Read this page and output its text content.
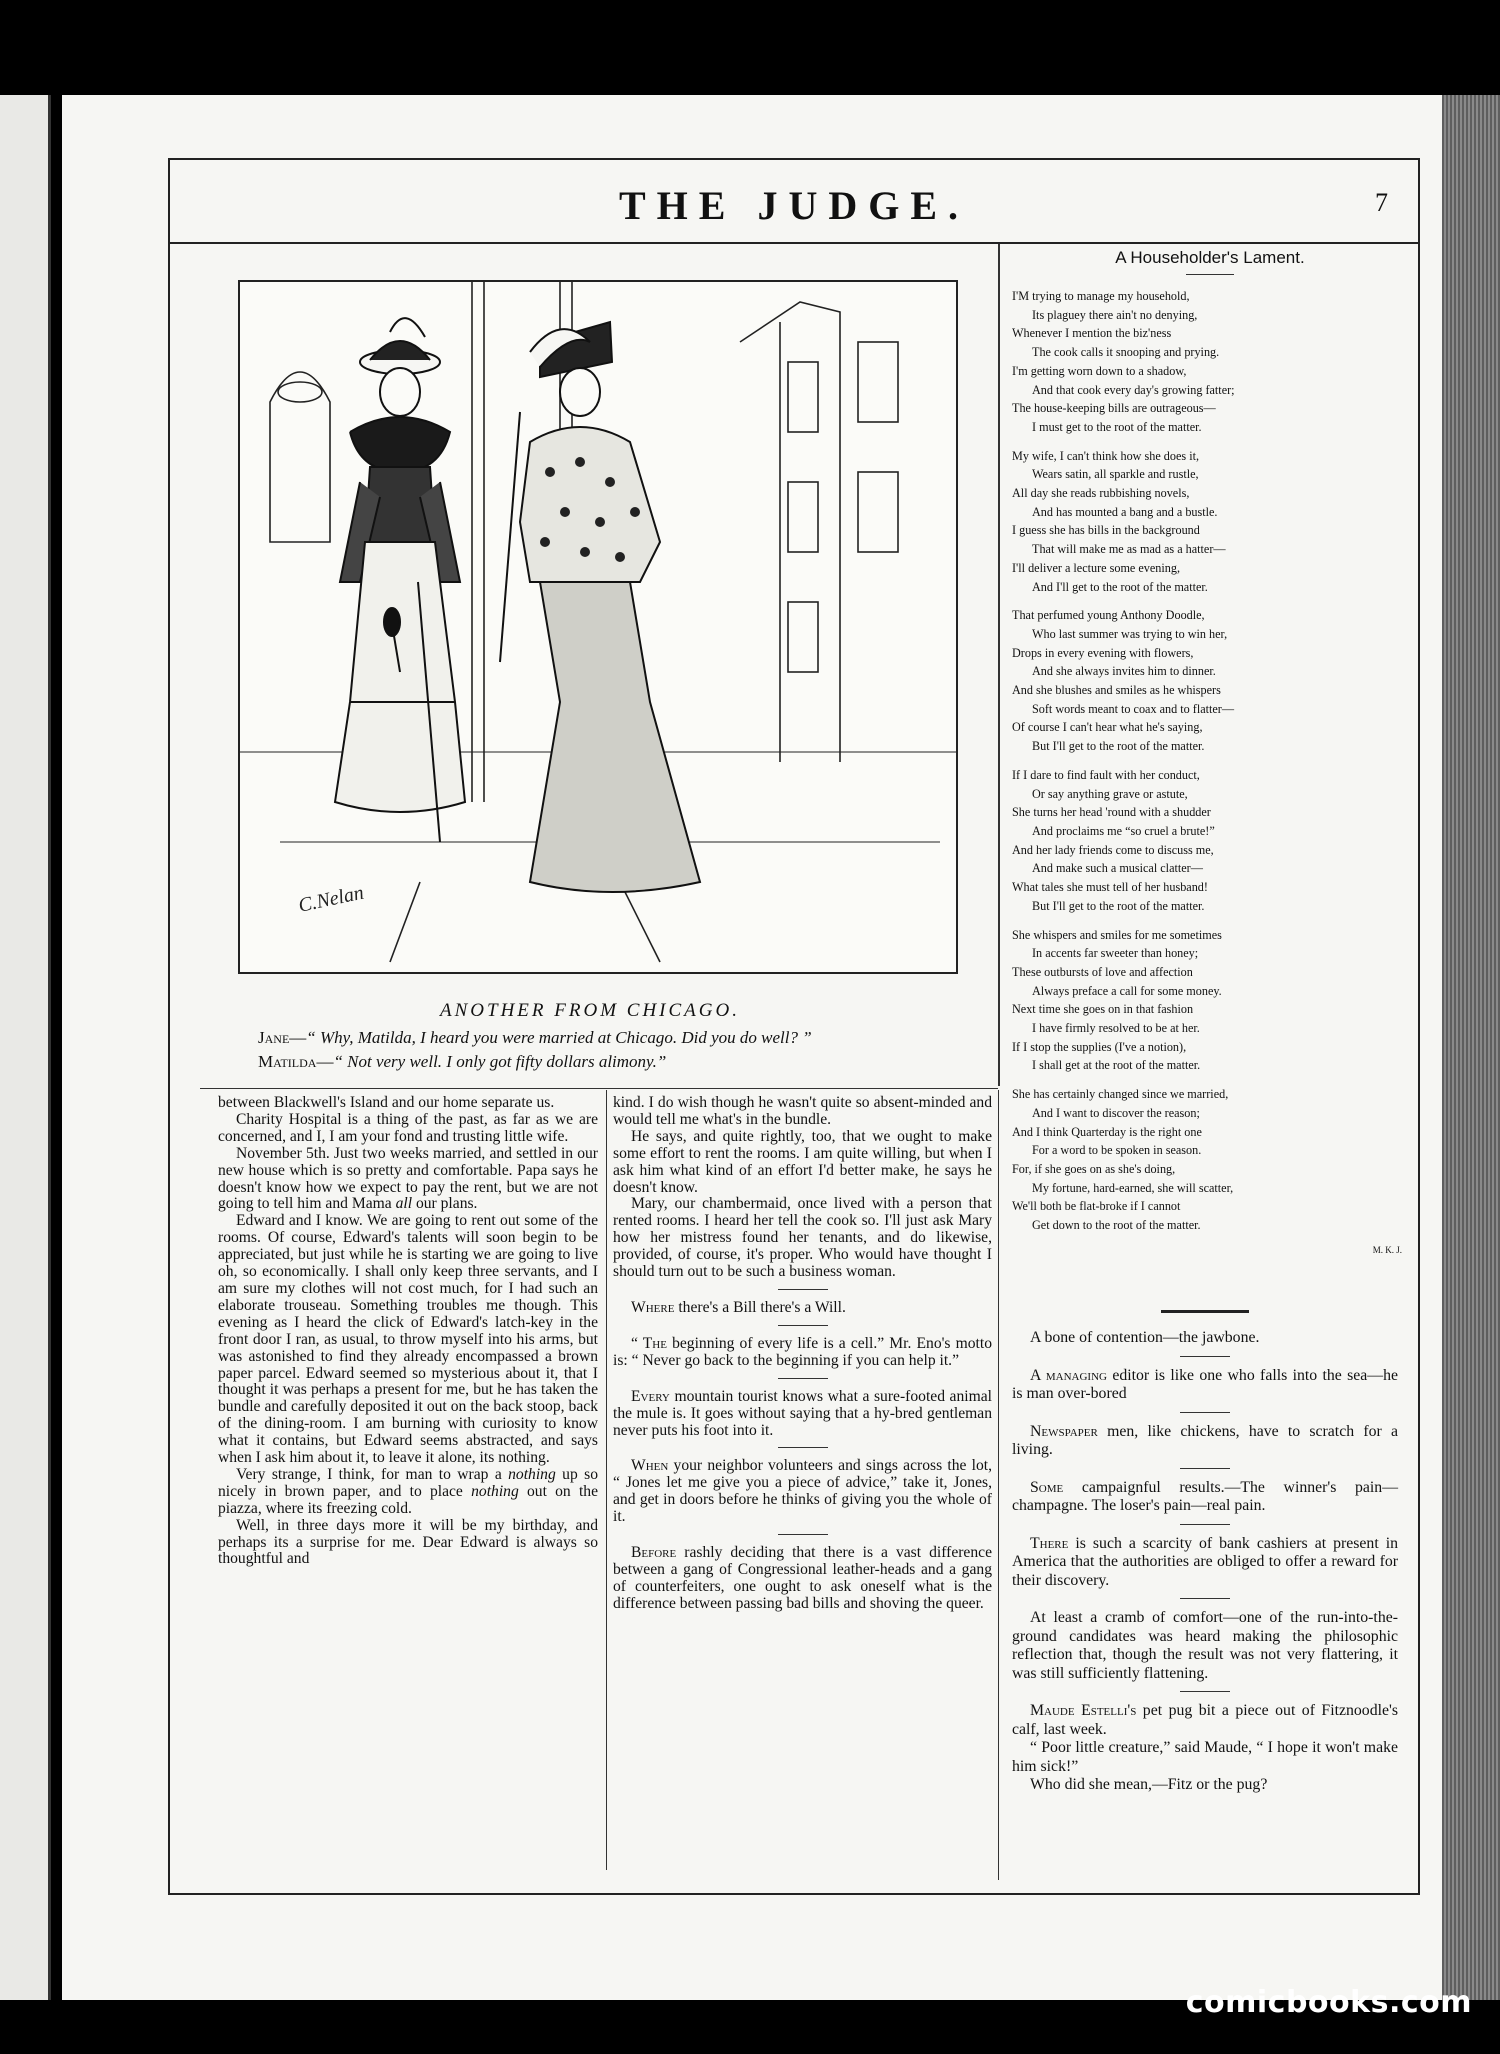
THE JUDGE.	7
C.Nelan
ANOTHER FROM CHICAGO.
Jane—“ Why, Matilda, I heard you were married at Chicago. Did you do well? ”
Matilda—“ Not very well. I only got fifty dollars alimony.”
A Householder's Lament.
I'M trying to manage my household,
Its plaguey there ain't no denying,
Whenever I mention the biz'ness
The cook calls it snooping and prying.
I'm getting worn down to a shadow,
And that cook every day's growing fatter;
The house-keeping bills are outrageous—
I must get to the root of the matter.
My wife, I can't think how she does it,
Wears satin, all sparkle and rustle,
All day she reads rubbishing novels,
And has mounted a bang and a bustle.
I guess she has bills in the background
That will make me as mad as a hatter—
I'll deliver a lecture some evening,
And I'll get to the root of the matter.
That perfumed young Anthony Doodle,
Who last summer was trying to win her,
Drops in every evening with flowers,
And she always invites him to dinner.
And she blushes and smiles as he whispers
Soft words meant to coax and to flatter—
Of course I can't hear what he's saying,
But I'll get to the root of the matter.
If I dare to find fault with her conduct,
Or say anything grave or astute,
She turns her head 'round with a shudder
And proclaims me “so cruel a brute!”
And her lady friends come to discuss me,
And make such a musical clatter—
What tales she must tell of her husband!
But I'll get to the root of the matter.
She whispers and smiles for me sometimes
In accents far sweeter than honey;
These outbursts of love and affection
Always preface a call for some money.
Next time she goes on in that fashion
I have firmly resolved to be at her.
If I stop the supplies (I've a notion),
I shall get at the root of the matter.
She has certainly changed since we married,
And I want to discover the reason;
And I think Quarterday is the right one
For a word to be spoken in season.
For, if she goes on as she's doing,
My fortune, hard-earned, she will scatter,
We'll both be flat-broke if I cannot
Get down to the root of the matter.
M. K. J.

between Blackwell's Island and our home separate us.

Charity Hospital is a thing of the past, as far as we are concerned, and I, I am your fond and trusting little wife.

November 5th. Just two weeks married, and settled in our new house which is so pretty and comfortable. Papa says he doesn't know how we expect to pay the rent, but we are not going to tell him and Mama all our plans.

Edward and I know. We are going to rent out some of the rooms. Of course, Edward's talents will soon begin to be appreciated, but just while he is starting we are going to live oh, so economically. I shall only keep three servants, and I am sure my clothes will not cost much, for I had such an elaborate trouseau. Something troubles me though. This evening as I heard the click of Edward's latch-key in the front door I ran, as usual, to throw myself into his arms, but was astonished to find they already encompassed a brown paper parcel. Edward seemed so mysterious about it, that I thought it was perhaps a present for me, but he has taken the bundle and carefully deposited it out on the back stoop, back of the dining-room. I am burning with curiosity to know what it contains, but Edward seems abstracted, and says when I ask him about it, to leave it alone, its nothing.

Very strange, I think, for man to wrap a nothing up so nicely in brown paper, and to place nothing out on the piazza, where its freezing cold.

Well, in three days more it will be my birthday, and perhaps its a surprise for me. Dear Edward is always so thoughtful and

kind. I do wish though he wasn't quite so absent-minded and would tell me what's in the bundle.

He says, and quite rightly, too, that we ought to make some effort to rent the rooms. I am quite willing, but when I ask him what kind of an effort I'd better make, he says he doesn't know.

Mary, our chambermaid, once lived with a person that rented rooms. I heard her tell the cook so. I'll just ask Mary how her mistress found her tenants, and do likewise, provided, of course, it's proper. Who would have thought I should turn out to be such a business woman.

Where there's a Bill there's a Will.

“ The beginning of every life is a cell.” Mr. Eno's motto is: “ Never go back to the beginning if you can help it.”

Every mountain tourist knows what a sure-footed animal the mule is. It goes without saying that a hy-bred gentleman never puts his foot into it.

When your neighbor volunteers and sings across the lot, “ Jones let me give you a piece of advice,” take it, Jones, and get in doors before he thinks of giving you the whole of it.

Before rashly deciding that there is a vast difference between a gang of Congressional leather-heads and a gang of counterfeiters, one ought to ask oneself what is the difference between passing bad bills and shoving the queer.

A bone of contention—the jawbone.

A managing editor is like one who falls into the sea—he is man over-bored

Newspaper men, like chickens, have to scratch for a living.

Some campaignful results.—The winner's pain—champagne. The loser's pain—real pain.

There is such a scarcity of bank cashiers at present in America that the authorities are obliged to offer a reward for their discovery.

At least a cramb of comfort—one of the run-into-the-ground candidates was heard making the philosophic reflection that, though the result was not very flattering, it was still sufficiently flattening.

Maude Estelli's pet pug bit a piece out of Fitznoodle's calf, last week.

“ Poor little creature,” said Maude, “ I hope it won't make him sick!”

Who did she mean,—Fitz or the pug?

comicbooks.com
